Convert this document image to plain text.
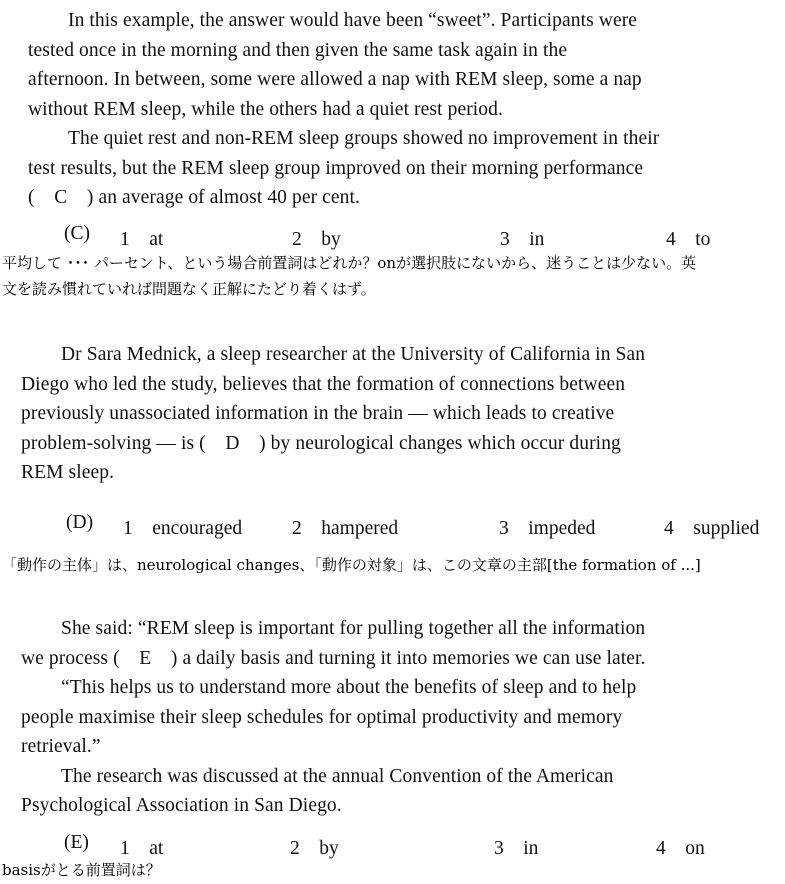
In this example, the answer would have been “sweet”. Participants were
tested once in the morning and then given the same task again in the
afternoon. In between, some were allowed a nap with REM sleep, some a nap
without REM sleep, while the others had a quiet rest period.
The quiet rest and non-REM sleep groups showed no improvement in their
test results, but the REM sleep group improved on their morning performance
(　C　) an average of almost 40 per cent.
(C) 1　at	2　by	3　in	4　to
平均して ･･･ パーセント、という場合前置詞はどれか？onが選択肢にないから、迷うことは少ない。英
文を読み慣れていれば問題なく正解にたどり着くはず。
Dr Sara Mednick, a sleep researcher at the University of California in San
Diego who led the study, believes that the formation of connections between
previously unassociated information in the brain — which leads to creative
problem-solving — is (　D　) by neurological changes which occur during
REM sleep.
(D) 1　encouraged	2　hampered	3　impeded	4　supplied
「動作の主体」は、neurological changes、「動作の対象」は、この文章の主部[the formation of ...]
She said: “REM sleep is important for pulling together all the information
we process (　E　) a daily basis and turning it into memories we can use later.
“This helps us to understand more about the benefits of sleep and to help
people maximise their sleep schedules for optimal productivity and memory
retrieval.”
The research was discussed at the annual Convention of the American
Psychological Association in San Diego.
(E) 1　at	2　by	3　in	4　on
basisがとる前置詞は？
